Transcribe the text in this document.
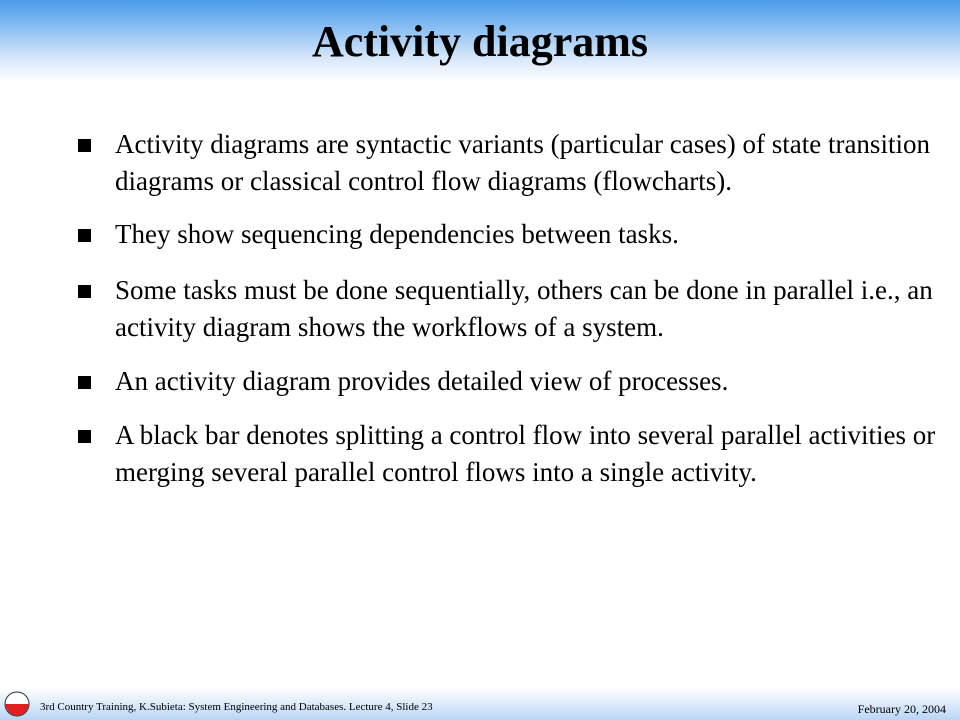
Activity diagrams
Activity diagrams are syntactic variants (particular cases) of state transition diagrams or classical control flow diagrams (flowcharts).
They show sequencing dependencies between tasks.
Some tasks must be done sequentially, others can be done in parallel i.e., an activity diagram shows the workflows of a system.
An activity diagram provides detailed view of processes.
A black bar denotes splitting a control flow into several parallel activities or merging several parallel control flows into a single activity.
3rd Country Training, K.Subieta: System Engineering and Databases. Lecture 4, Slide 23	February 20, 2004
